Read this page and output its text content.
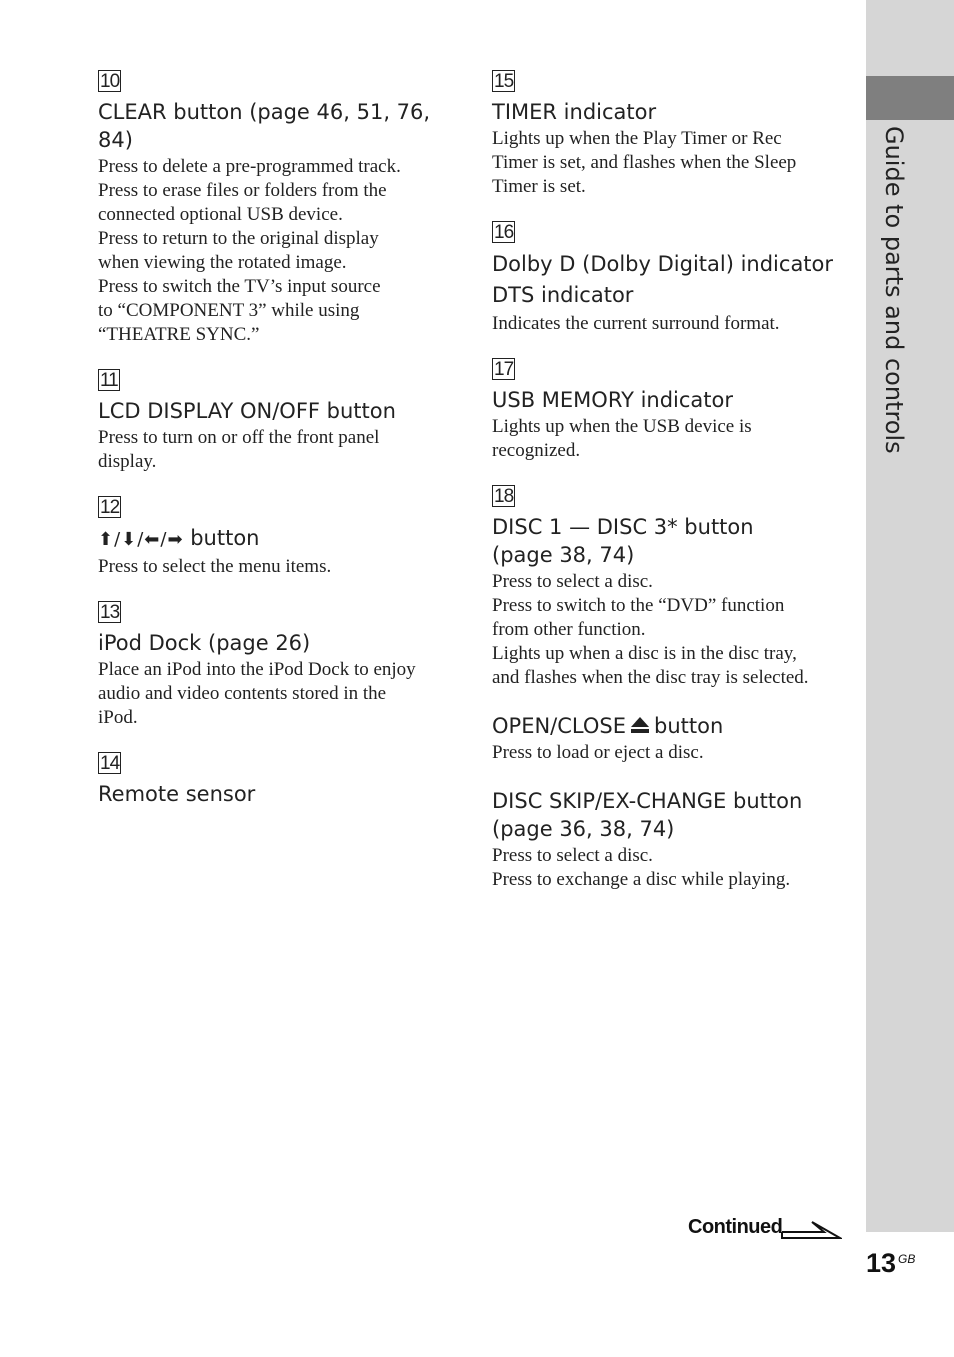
Guide to parts and controls
10
CLEAR button (page 46, 51, 76,
84)
Press to delete a pre-programmed track.
Press to erase files or folders from the
connected optional USB device.
Press to return to the original display
when viewing the rotated image.
Press to switch the TV’s input source
to “COMPONENT 3” while using
“THEATRE SYNC.”
11
LCD DISPLAY ON/OFF button
Press to turn on or off the front panel
display.
12
⬆/⬇/⬅/➡ button
Press to select the menu items.
13
iPod Dock (page 26)
Place an iPod into the iPod Dock to enjoy
audio and video contents stored in the
iPod.
14
Remote sensor
15
TIMER indicator
Lights up when the Play Timer or Rec
Timer is set, and flashes when the Sleep
Timer is set.
16
Dolby D (Dolby Digital) indicator
DTS indicator
Indicates the current surround format.
17
USB MEMORY indicator
Lights up when the USB device is
recognized.
18
DISC 1 — DISC 3* button
(page 38, 74)
Press to select a disc.
Press to switch to the “DVD” function
from other function.
Lights up when a disc is in the disc tray,
and flashes when the disc tray is selected.
OPEN/CLOSE button
Press to load or eject a disc.
DISC SKIP/EX-CHANGE button
(page 36, 38, 74)
Press to select a disc.
Press to exchange a disc while playing.
Continued
13 GB
